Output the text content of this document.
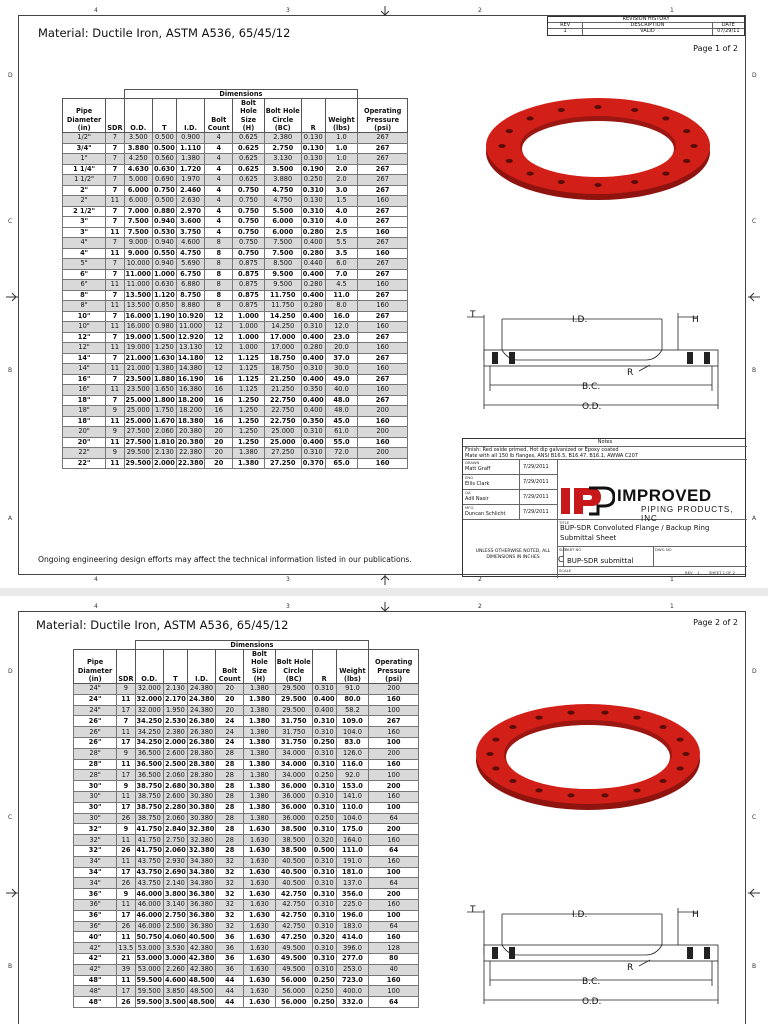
4	3	2	1
4	3	2	1
D
C
B
A
D
C
B
A
REVISION HISTORY
REV	DESCRIPTION	DATE
1	VALID	07/29/11
Material: Ductile Iron, ASTM A536, 65/45/12
Page 1 of 2
		Dimensions								
Pipe Diameter (in)	SDR	O.D.	T	I.D.	Bolt Count	Bolt Hole Size (H)	Bolt Hole Circle (BC)	R	Weight (lbs)	Operating Pressure (psi)
1/2"	7	3.500	0.500	0.900	4	0.625	2.380	0.130	1.0	267
3/4"	7	3.880	0.500	1.110	4	0.625	2.750	0.130	1.0	267
1"	7	4.250	0.560	1.380	4	0.625	3.130	0.130	1.0	267
1 1/4"	7	4.630	0.630	1.720	4	0.625	3.500	0.190	2.0	267
1 1/2"	7	5.000	0.690	1.970	4	0.625	3.880	0.250	2.0	267
2"	7	6.000	0.750	2.460	4	0.750	4.750	0.310	3.0	267
2"	11	6.000	0.500	2.630	4	0.750	4.750	0.130	1.5	160
2 1/2"	7	7.000	0.880	2.970	4	0.750	5.500	0.310	4.0	267
3"	7	7.500	0.940	3.600	4	0.750	6.000	0.310	4.0	267
3"	11	7.500	0.530	3.750	4	0.750	6.000	0.280	2.5	160
4"	7	9.000	0.940	4.600	8	0.750	7.500	0.400	5.5	267
4"	11	9.000	0.550	4.750	8	0.750	7.500	0.280	3.5	160
5"	7	10.000	0.940	5.690	8	0.875	8.500	0.440	6.0	267
6"	7	11.000	1.000	6.750	8	0.875	9.500	0.400	7.0	267
6"	11	11.000	0.630	6.880	8	0.875	9.500	0.280	4.5	160
8"	7	13.500	1.120	8.750	8	0.875	11.750	0.400	11.0	267
8"	11	13.500	0.850	8.880	8	0.875	11.750	0.280	8.0	160
10"	7	16.000	1.190	10.920	12	1.000	14.250	0.400	16.0	267
10"	11	16.000	0.980	11.000	12	1.000	14.250	0.310	12.0	160
12"	7	19.000	1.500	12.920	12	1.000	17.000	0.400	23.0	267
12"	11	19.000	1.250	13.130	12	1.000	17.000	0.280	20.0	160
14"	7	21.000	1.630	14.180	12	1.125	18.750	0.400	37.0	267
14"	11	21.000	1.380	14.380	12	1.125	18.750	0.310	30.0	160
16"	7	23.500	1.880	16.190	16	1.125	21.250	0.400	49.0	267
16"	11	23.500	1.650	16.380	16	1.125	21.250	0.350	40.0	160
18"	7	25.000	1.800	18.200	16	1.250	22.750	0.400	48.0	267
18"	9	25.000	1.750	18.200	16	1.250	22.750	0.400	48.0	200
18"	11	25.000	1.670	18.380	16	1.250	22.750	0.350	45.0	160
20"	9	27.500	2.060	20.380	20	1.250	25.000	0.310	61.0	200
20"	11	27.500	1.810	20.380	20	1.250	25.000	0.400	55.0	160
22"	9	29.500	2.130	22.380	20	1.380	27.250	0.310	72.0	200
22"	11	29.500	2.000	22.380	20	1.380	27.250	0.370	65.0	160
T	I.D.	H
R
B.C.
O.D.
Ongoing engineering design efforts may affect the technical information listed in our publications.
Notes
Finish: Red oxide primed, Hot dip galvanized or Epoxy coated
Mate with all 150 lb flanges, ANSI B16.5, B16.47, B16.1, AWWA C207
DRAWN
Matt Graff	7/29/2011
ENG
Ellis Clark	7/29/2011
QA
Adil Nasir	7/29/2011
MFG
Duncan Schlicht	7/29/2011
IMPROVED
PIPING PRODUCTS, INC
TITLE
BUP-SDR Convoluted Flange / Backup Ring
Submittal Sheet
UNLESS OTHERWISE NOTED, ALL DIMENSIONS IN INCHES
SIZE
C
PART NO
BUP-SDR submittal
DWG NO
SCALE	REV 1	SHEET 1 OF 2
4	3	2	1
D
C
B
D
C
B
Material: Ductile Iron, ASTM A536, 65/45/12	Page 2 of 2
		Dimensions								
Pipe Diameter (in)	SDR	O.D.	T	I.D.	Bolt Count	Bolt Hole Size (H)	Bolt Hole Circle (BC)	R	Weight (lbs)	Operating Pressure (psi)
24"	9	32.000	2.130	24.380	20	1.380	29.500	0.310	91.0	200
24"	11	32.000	2.170	24.380	20	1.380	29.500	0.400	80.0	160
24"	17	32.000	1.950	24.380	20	1.380	29.500	0.400	58.2	100
26"	7	34.250	2.530	26.380	24	1.380	31.750	0.310	109.0	267
26"	11	34.250	2.380	26.380	24	1.380	31.750	0.310	104.0	160
26"	17	34.250	2.000	26.380	24	1.380	31.750	0.250	83.0	100
28"	9	36.500	2.600	28.380	28	1.380	34.000	0.310	126.0	200
28"	11	36.500	2.500	28.380	28	1.380	34.000	0.310	116.0	160
28"	17	36.500	2.060	28.380	28	1.380	34.000	0.250	92.0	100
30"	9	38.750	2.680	30.380	28	1.380	36.000	0.310	153.0	200
30"	11	38.750	2.600	30.380	28	1.380	36.000	0.310	141.0	160
30"	17	38.750	2.280	30.380	28	1.380	36.000	0.310	110.0	100
30"	26	38.750	2.060	30.380	28	1.380	36.000	0.250	104.0	64
32"	9	41.750	2.840	32.380	28	1.630	38.500	0.310	175.0	200
32"	11	41.750	2.750	32.380	28	1.630	38.500	0.320	164.0	160
32"	26	41.750	2.060	32.380	28	1.630	38.500	0.500	111.0	64
34"	11	43.750	2.930	34.380	32	1.630	40.500	0.310	191.0	160
34"	17	43.750	2.690	34.380	32	1.630	40.500	0.310	181.0	100
34"	26	43.750	2.140	34.380	32	1.630	40.500	0.310	137.0	64
36"	9	46.000	3.800	36.380	32	1.630	42.750	0.310	356.0	200
36"	11	46.000	3.140	36.380	32	1.630	42.750	0.310	225.0	160
36"	17	46.000	2.750	36.380	32	1.630	42.750	0.310	196.0	100
36"	26	46.000	2.500	36.380	32	1.630	42.750	0.310	183.0	64
40"	11	50.750	4.060	40.500	36	1.630	47.250	0.320	414.0	160
42"	13.5	53.000	3.530	42.380	36	1.630	49.500	0.310	396.0	128
42"	21	53.000	3.000	42.380	36	1.630	49.500	0.310	277.0	80
42"	39	53.000	2.260	42.380	36	1.630	49.500	0.310	253.0	40
48"	11	59.500	4.600	48.500	44	1.630	56.000	0.250	723.0	160
48"	17	59.500	3.850	48.500	44	1.630	56.000	0.250	400.0	100
48"	26	59.500	3.500	48.500	44	1.630	56.000	0.250	332.0	64
T	I.D.	H
R
B.C.
O.D.
